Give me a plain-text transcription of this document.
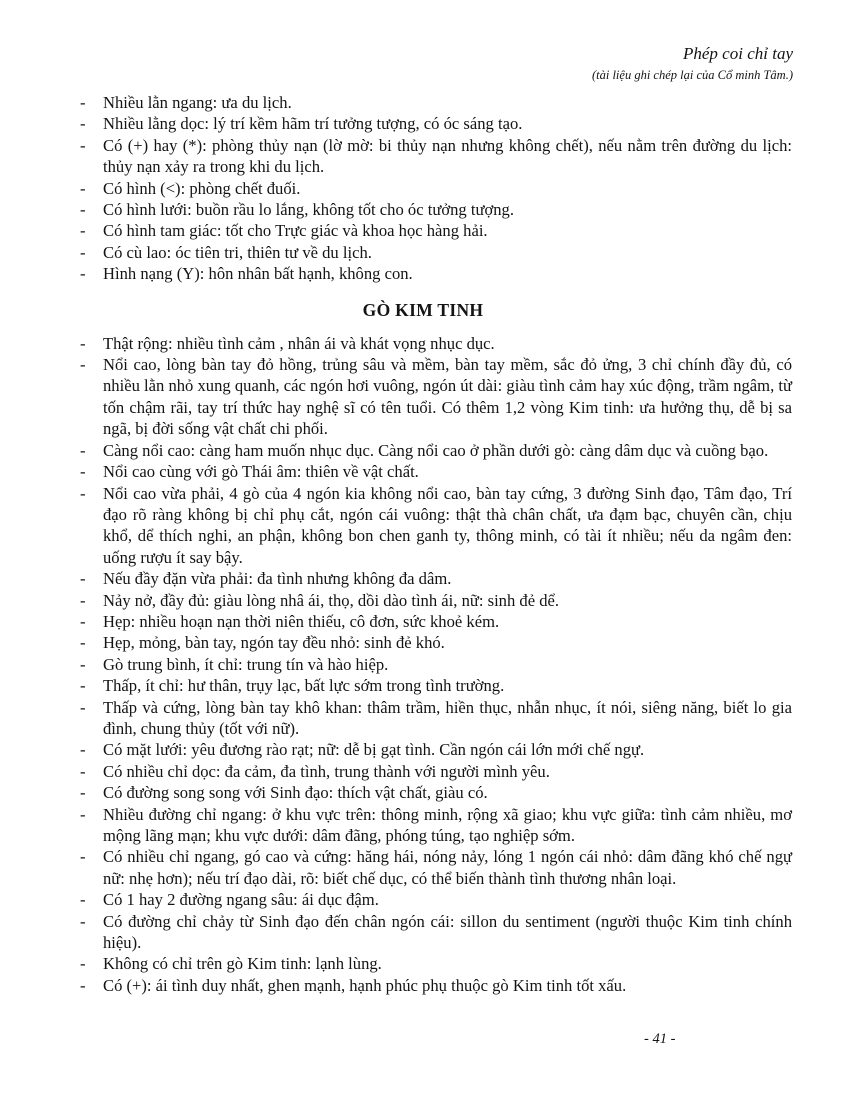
Phép coi chỉ tay
(tài liệu ghi chép lại của Cổ minh Tâm.)
- Nhiều lằn ngang: ưa du lịch.
- Nhiều lằng dọc: lý trí kềm hãm trí tưởng tượng, có óc sáng tạo.
- Có (+) hay (*): phòng thủy nạn (lờ mờ: bi thủy nạn nhưng không chết), nếu nằm trên đường du lịch: thủy nạn xảy ra trong khi du lịch.
- Có hình (<): phòng chết đuối.
- Có hình lưới: buồn rầu lo lắng, không tốt cho óc tưởng tượng.
- Có hình tam giác: tốt cho Trực giác và khoa học hàng hải.
- Có cù lao: óc tiên tri, thiên tư về du lịch.
- Hình nạng (Y): hôn nhân bất hạnh, không con.
GÒ KIM TINH
- Thật rộng: nhiều tình cảm , nhân ái và khát vọng nhục dục.
- Nổi cao, lòng bàn tay đỏ hồng, trủng sâu và mềm, bàn tay mềm, sắc đỏ ửng, 3 chỉ chính đầy đủ, có nhiều lằn nhỏ xung quanh, các ngón hơi vuông, ngón út dài: giàu tình cảm hay xúc động, trầm ngâm, từ tốn chậm rãi, tay trí thức hay nghệ sĩ có tên tuổi. Có thêm 1,2 vòng Kim tinh: ưa hưởng thụ, dễ bị sa ngã, bị đời sống vật chất chi phối.
- Càng nổi cao: càng ham muốn nhục dục. Càng nổi cao ở phần dưới gò: càng dâm dục và cuồng bạo.
- Nổi cao cùng với gò Thái âm: thiên về vật chất.
- Nổi cao vừa phải, 4 gò của 4 ngón kia không nổi cao, bàn tay cứng, 3 đường Sinh đạo, Tâm đạo, Trí đạo rõ ràng không bị chỉ phụ cắt, ngón cái vuông: thật thà chân chất, ưa đạm bạc, chuyên cần, chịu khổ, dể thích nghi, an phận, không bon chen ganh ty, thông minh, có tài ít nhiều; nếu da ngâm đen: uống rượu ít say bậy.
- Nếu đầy đặn vừa phải: đa tình nhưng không đa dâm.
- Nảy nở, đầy đủ: giàu lòng nhâ ái, thọ, dồi dào tình ái, nữ: sinh đẻ dể.
- Hẹp: nhiều hoạn nạn thời niên thiếu, cô đơn, sức khoẻ kém.
- Hẹp, mỏng, bàn tay, ngón tay đều nhỏ: sinh đẻ khó.
- Gò trung bình, ít chỉ: trung tín và hào hiệp.
- Thấp, ít chỉ: hư thân, trụy lạc, bất lực sớm trong tình trường.
- Thấp và cứng, lòng bàn tay khô khan: thâm trầm, hiền thục, nhẫn nhục, ít nói, siêng năng, biết lo gia đình, chung thủy (tốt với nữ).
- Có mặt lưới: yêu đương rào rạt; nữ: dễ bị gạt tình. Cần ngón cái lớn mới chế ngự.
- Có nhiều chỉ dọc: đa cảm, đa tình, trung thành với người mình yêu.
- Có đường song song với Sinh đạo: thích vật chất, giàu có.
- Nhiều đường chỉ ngang: ở khu vực trên: thông minh, rộng xã giao; khu vực giữa: tình cảm nhiều, mơ mộng lãng mạn; khu vực dưới: dâm đãng, phóng túng, tạo nghiệp sớm.
- Có nhiều chỉ ngang, gó cao và cứng: hăng hái, nóng nảy, lóng 1 ngón cái nhỏ: dâm đãng khó chế ngự nữ: nhẹ hơn); nếu trí đạo dài, rõ: biết chế dục, có thể biến thành tình thương nhân loại.
- Có 1 hay 2 đường ngang sâu: ái dục đậm.
- Có đường chỉ chảy từ Sinh đạo đến chân ngón cái: sillon du sentiment (người thuộc Kim tinh chính hiệu).
- Không có chỉ trên gò Kim tinh: lạnh lùng.
- Có (+): ái tình duy nhất, ghen mạnh, hạnh phúc phụ thuộc gò Kim tinh tốt xấu.
- 41 -
